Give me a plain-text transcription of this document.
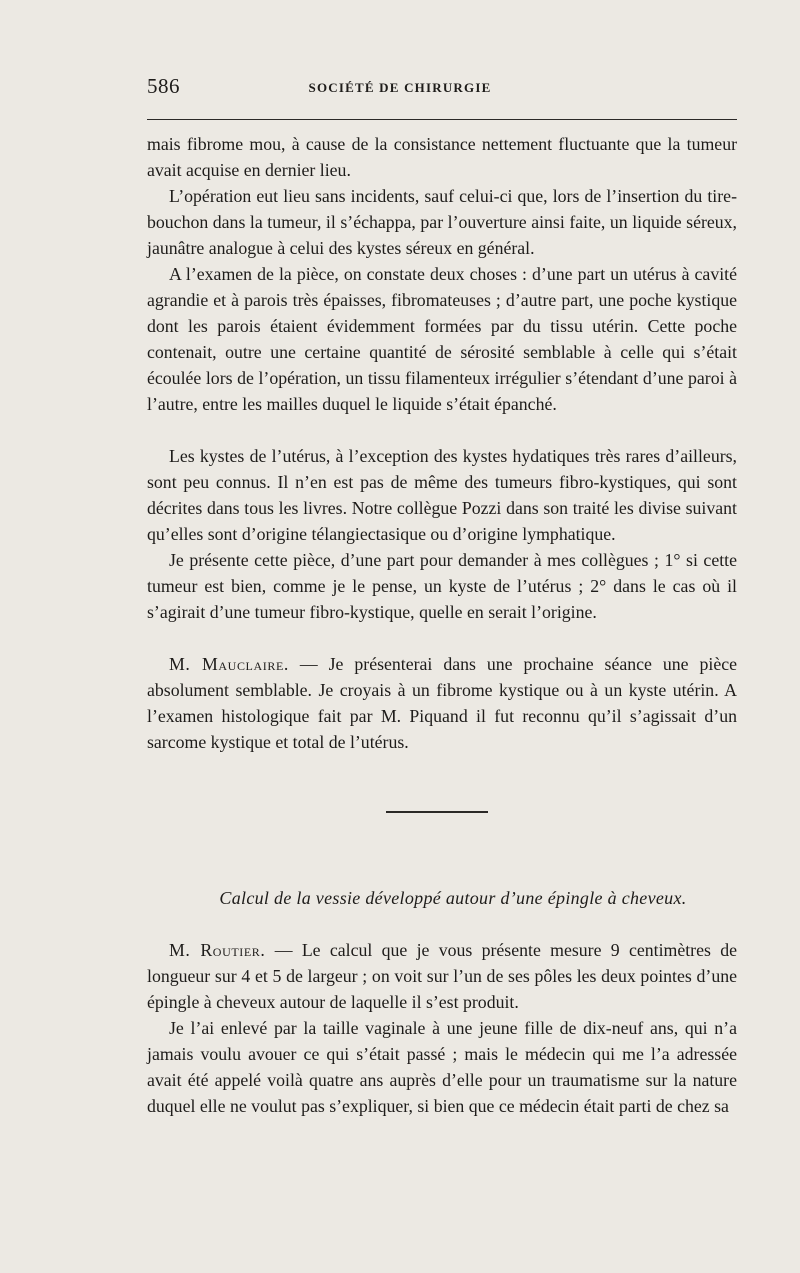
586	SOCIÉTÉ DE CHIRURGIE

mais fibrome mou, à cause de la consistance nettement fluctuante que la tumeur avait acquise en dernier lieu.

L’opération eut lieu sans incidents, sauf celui-ci que, lors de l’insertion du tire-bouchon dans la tumeur, il s’échappa, par l’ouverture ainsi faite, un liquide séreux, jaunâtre analogue à celui des kystes séreux en général.

A l’examen de la pièce, on constate deux choses : d’une part un utérus à cavité agrandie et à parois très épaisses, fibromateuses ; d’autre part, une poche kystique dont les parois étaient évidemment formées par du tissu utérin. Cette poche contenait, outre une certaine quantité de sérosité semblable à celle qui s’était écoulée lors de l’opération, un tissu filamenteux irrégulier s’étendant d’une paroi à l’autre, entre les mailles duquel le liquide s’était épanché.

Les kystes de l’utérus, à l’exception des kystes hydatiques très rares d’ailleurs, sont peu connus. Il n’en est pas de même des tumeurs fibro-kystiques, qui sont décrites dans tous les livres. Notre collègue Pozzi dans son traité les divise suivant qu’elles sont d’origine télangiectasique ou d’origine lymphatique.

Je présente cette pièce, d’une part pour demander à mes collègues ; 1° si cette tumeur est bien, comme je le pense, un kyste de l’utérus ; 2° dans le cas où il s’agirait d’une tumeur fibro-kystique, quelle en serait l’origine.

M. Mauclaire. — Je présenterai dans une prochaine séance une pièce absolument semblable. Je croyais à un fibrome kystique ou à un kyste utérin. A l’examen histologique fait par M. Piquand il fut reconnu qu’il s’agissait d’un sarcome kystique et total de l’utérus.

Calcul de la vessie développé autour d’une épingle à cheveux.

M. Routier. — Le calcul que je vous présente mesure 9 centimètres de longueur sur 4 et 5 de largeur ; on voit sur l’un de ses pôles les deux pointes d’une épingle à cheveux autour de laquelle il s’est produit.

Je l’ai enlevé par la taille vaginale à une jeune fille de dix-neuf ans, qui n’a jamais voulu avouer ce qui s’était passé ; mais le médecin qui me l’a adressée avait été appelé voilà quatre ans auprès d’elle pour un traumatisme sur la nature duquel elle ne voulut pas s’expliquer, si bien que ce médecin était parti de chez sa
